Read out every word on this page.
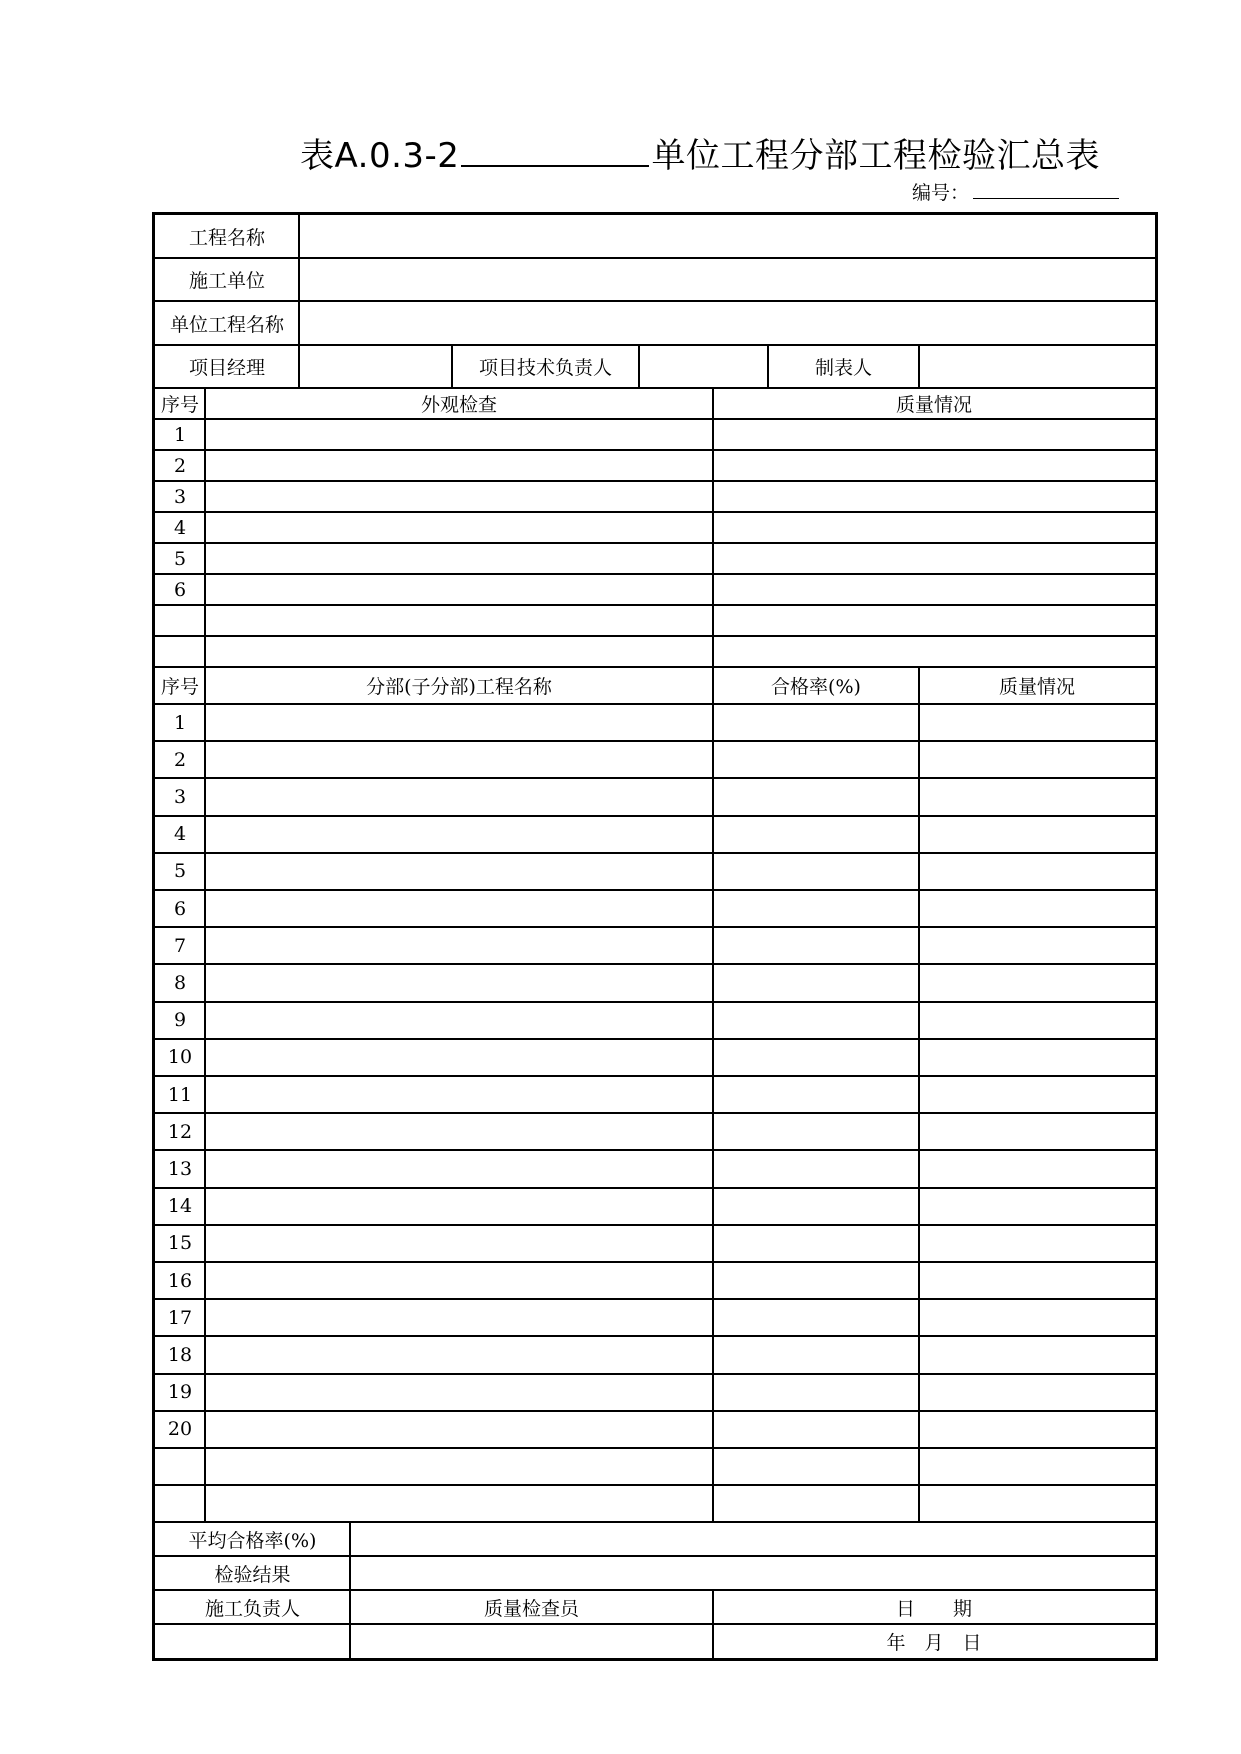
表A.0.3-2	单位工程分部工程检验汇总表
编号：
工程名称
施工单位
单位工程名称
项目经理	项目技术负责人	制表人
序号	外观检查	质量情况
1
2
3
4
5
6
序号	分部(子分部)工程名称	合格率(%)	质量情况
1
2
3
4
5
6
7
8
9
10
11
12
13
14
15
16
17
18
19
20
平均合格率(%)
检验结果
施工负责人	质量检查员	日　　期
年　月　日
